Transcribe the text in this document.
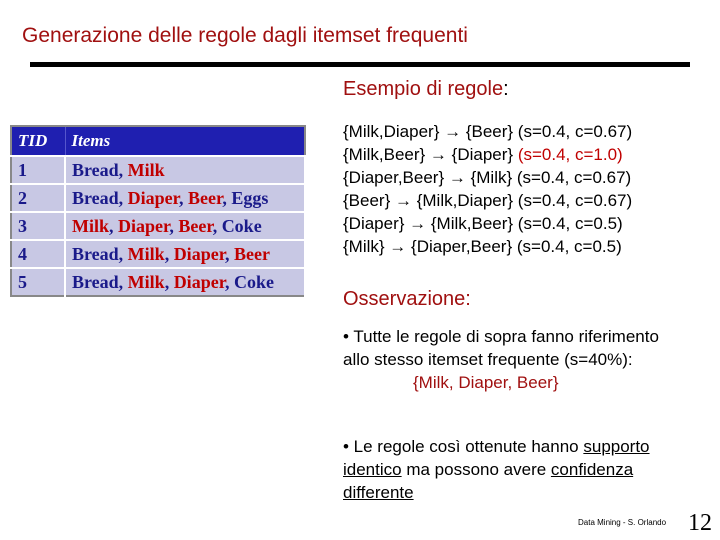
Generazione delle regole dagli itemset frequenti
Esempio di regole:
TID	Items
1	Bread, Milk
2	Bread, Diaper, Beer, Eggs
3	Milk, Diaper, Beer, Coke
4	Bread, Milk, Diaper, Beer
5	Bread, Milk, Diaper, Coke
{Milk,Diaper} → {Beer} (s=0.4, c=0.67)
{Milk,Beer} → {Diaper} (s=0.4, c=1.0)
{Diaper,Beer} → {Milk} (s=0.4, c=0.67)
{Beer} → {Milk,Diaper} (s=0.4, c=0.67)
{Diaper} → {Milk,Beer} (s=0.4, c=0.5)
{Milk} → {Diaper,Beer} (s=0.4, c=0.5)
Osservazione:
• Tutte le regole di sopra fanno riferimento allo stesso itemset frequente (s=40%):
{Milk, Diaper, Beer}
• Le regole così ottenute hanno supporto identico ma possono avere confidenza differente
Data Mining - S. Orlando 12
